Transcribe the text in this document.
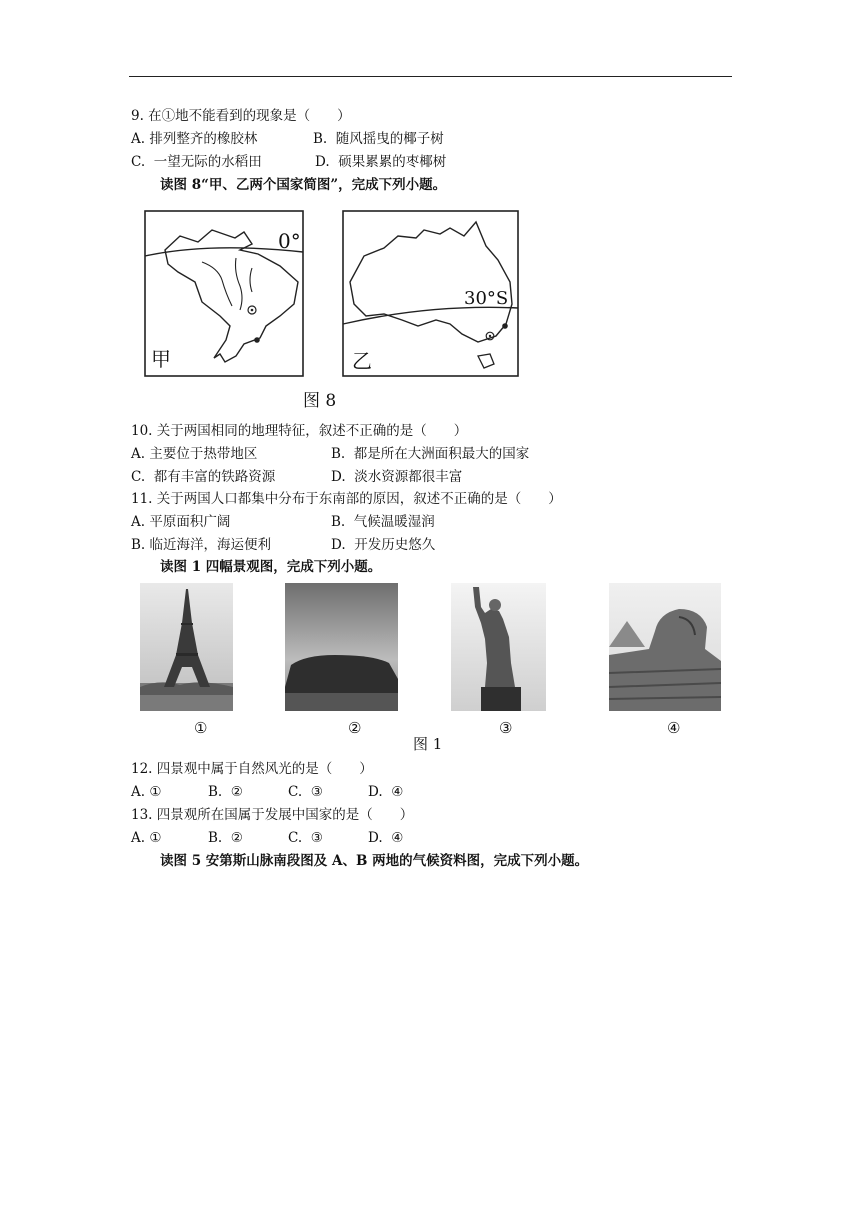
9. 在①地不能看到的现象是（　　）
A. 排列整齐的橡胶林	B.  随风摇曳的椰子树
C.  一望无际的水稻田	D.  硕果累累的枣椰树
读图 8“甲、乙两个国家简图”，完成下列小题。
甲
0°
乙
30°S
图 8
10. 关于两国相同的地理特征，叙述不正确的是（　　）
A. 主要位于热带地区	B.  都是所在大洲面积最大的国家
C.  都有丰富的铁路资源	D.  淡水资源都很丰富
11. 关于两国人口都集中分布于东南部的原因，叙述不正确的是（　　）
A. 平原面积广阔	B.  气候温暖湿润
B. 临近海洋，海运便利	D.  开发历史悠久
读图 1 四幅景观图，完成下列小题。
①	②	③	④
图 1
12. 四景观中属于自然风光的是（　　）
A. ①	B.  ②	C.  ③	D.  ④
13. 四景观所在国属于发展中国家的是（　　）
A. ①	B.  ②	C.  ③	D.  ④
读图 5 安第斯山脉南段图及 A、B 两地的气候资料图，完成下列小题。
